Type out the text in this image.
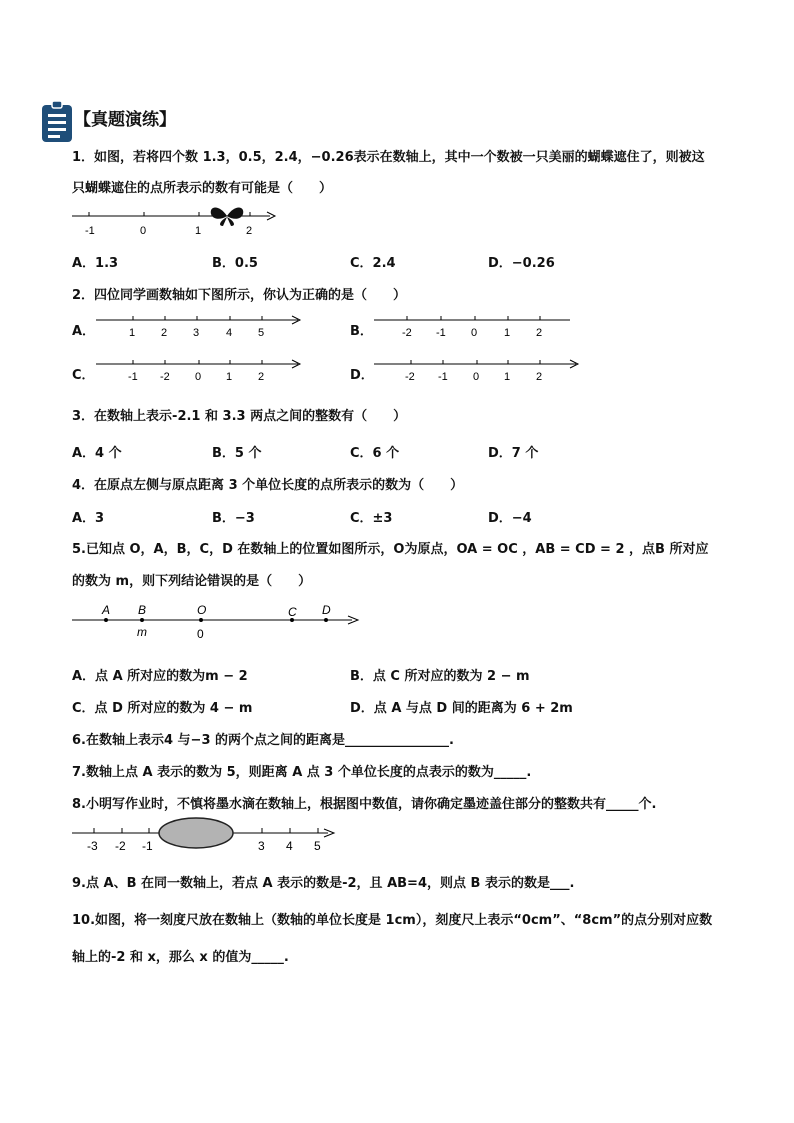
【真题演练】
1．如图，若将四个数 1.3，0.5，2.4，−0.26表示在数轴上，其中一个数被一只美丽的蝴蝶遮住了，则被这
只蝴蝶遮住的点所表示的数有可能是（　　）
-1	0	1	2
A．1.3	B．0.5	C．2.4	D．−0.26
2．四位同学画数轴如下图所示，你认为正确的是（　　）
A．	1 2 3 4 5	B．	-2 -1 0 1 2
C．	-1 -2 0 1 2	D．	-2 -1 0 1 2
3．在数轴上表示-2.1 和 3.3 两点之间的整数有（　　）
A．4 个	B．5 个	C．6 个	D．7 个
4．在原点左侧与原点距离 3 个单位长度的点所表示的数为（　　）
A．3	B．−3	C．±3	D．−4
5.已知点 O，A，B，C，D 在数轴上的位置如图所示，O为原点，OA = OC ，AB = CD = 2 ，点B 所对应
的数为 m，则下列结论错误的是（　　）
A B	O	C D
m	0
A．点 A 所对应的数为m − 2	B．点 C 所对应的数为 2 − m
C．点 D 所对应的数为 4 − m	D．点 A 与点 D 间的距离为 6 + 2m
6.在数轴上表示4 与−3 的两个点之间的距离是________________.
7.数轴上点 A 表示的数为 5，则距离 A 点 3 个单位长度的点表示的数为_____.
8.小明写作业时，不慎将墨水滴在数轴上，根据图中数值，请你确定墨迹盖住部分的整数共有_____个.
-3 -2 -1	3 4 5
9.点 A、B 在同一数轴上，若点 A 表示的数是-2，且 AB=4，则点 B 表示的数是___.
10.如图，将一刻度尺放在数轴上（数轴的单位长度是 1cm），刻度尺上表示“0cm”、“8cm”的点分别对应数
轴上的-2 和 x，那么 x 的值为_____.
